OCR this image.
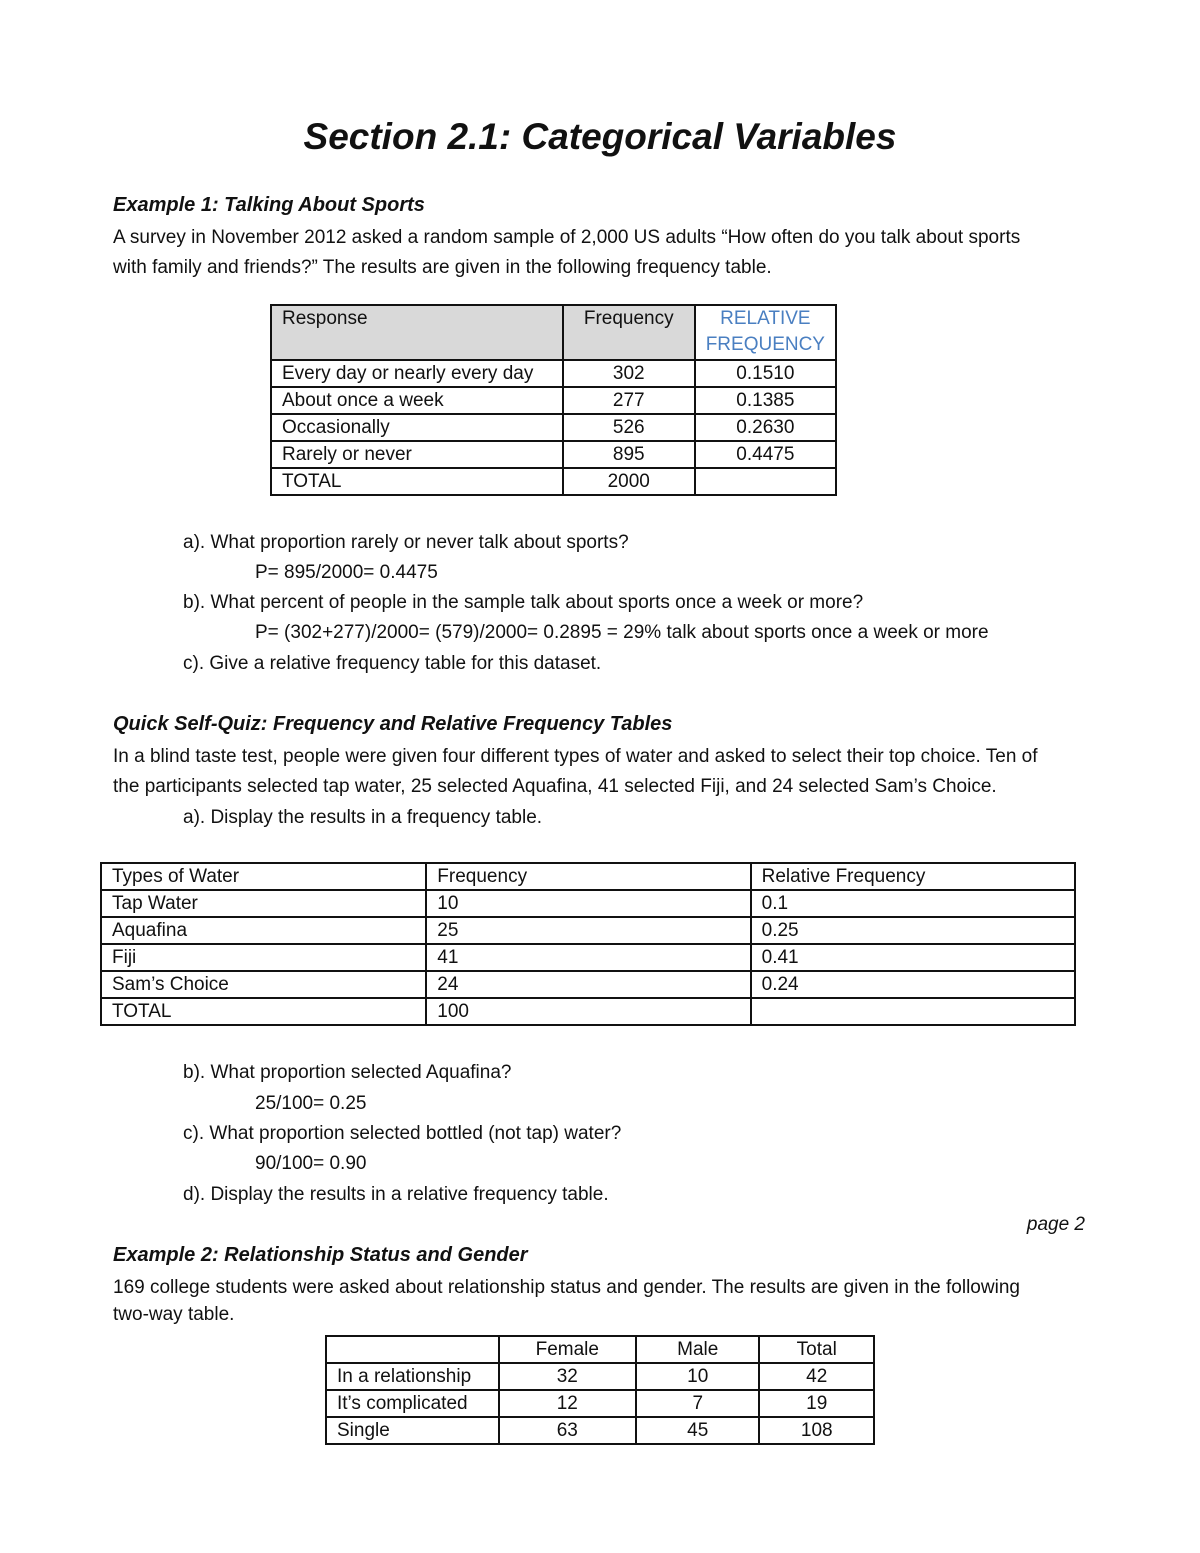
Section 2.1: Categorical Variables
Example 1: Talking About Sports
A survey in November 2012 asked a random sample of 2,000 US adults “How often do you talk about sports
with family and friends?” The results are given in the following frequency table.
Response	Frequency	RELATIVE
FREQUENCY
Every day or nearly every day	302	0.1510
About once a week	277	0.1385
Occasionally	526	0.2630
Rarely or never	895	0.4475
TOTAL	2000	
a). What proportion rarely or never talk about sports?
P= 895/2000= 0.4475
b). What percent of people in the sample talk about sports once a week or more?
P= (302+277)/2000= (579)/2000= 0.2895 = 29% talk about sports once a week or more
c). Give a relative frequency table for this dataset.
Quick Self-Quiz: Frequency and Relative Frequency Tables
In a blind taste test, people were given four different types of water and asked to select their top choice. Ten of
the participants selected tap water, 25 selected Aquafina, 41 selected Fiji, and 24 selected Sam’s Choice.
a). Display the results in a frequency table.
Types of Water	Frequency	Relative Frequency
Tap Water	10	0.1
Aquafina	25	0.25
Fiji	41	0.41
Sam’s Choice	24	0.24
TOTAL	100	
b). What proportion selected Aquafina?
25/100= 0.25
c). What proportion selected bottled (not tap) water?
90/100= 0.90
d). Display the results in a relative frequency table.
page 2
Example 2: Relationship Status and Gender
169 college students were asked about relationship status and gender. The results are given in the following
two-way table.
	Female	Male	Total
In a relationship	32	10	42
It’s complicated	12	7	19
Single	63	45	108
